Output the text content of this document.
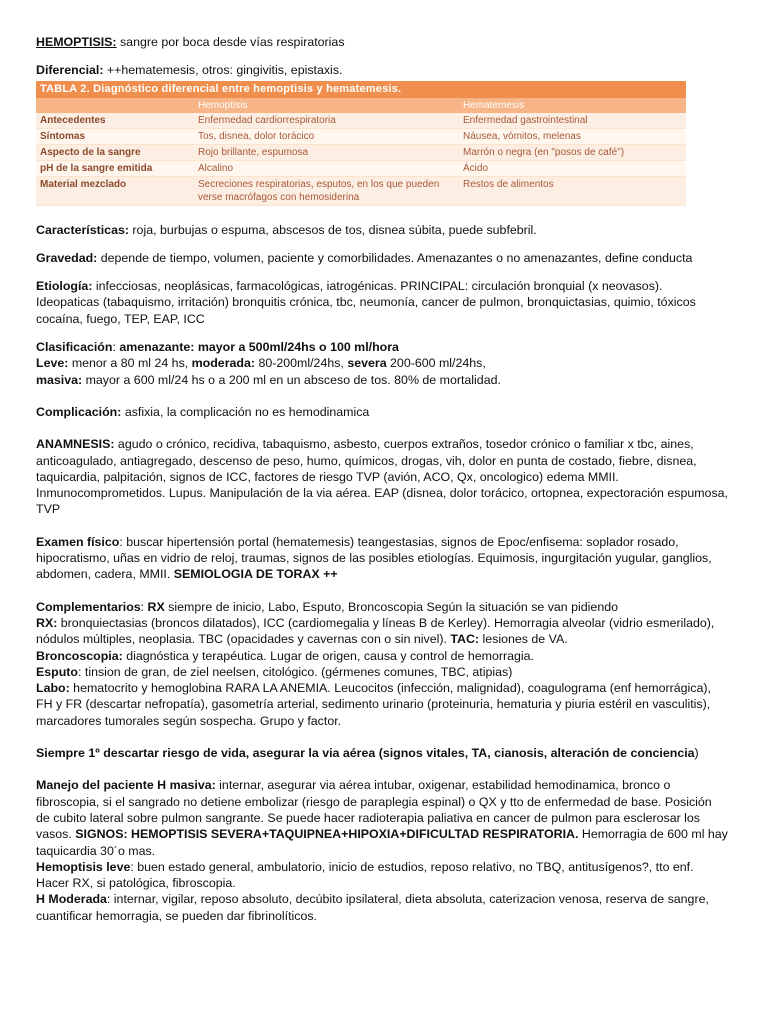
HEMOPTISIS: sangre por boca desde vías respiratorias

Diferencial: ++hematemesis, otros: gingivitis, epistaxis.

TABLA 2. Diagnóstico diferencial entre hemoptisis y hematemesis.
	Hemoptisis	Hematemesis
Antecedentes	Enfermedad cardiorrespiratoria	Enfermedad gastrointestinal
Síntomas	Tos, disnea, dolor torácico	Náusea, vómitos, melenas
Aspecto de la sangre	Rojo brillante, espumosa	Marrón o negra (en "posos de café")
pH de la sangre emitida	Alcalino	Ácido
Material mezclado	Secreciones respiratorias, esputos, en los que pueden verse macrófagos con hemosiderina	Restos de alimentos

Características: roja, burbujas o espuma, abscesos de tos, disnea súbita, puede subfebril.

Gravedad: depende de tiempo, volumen, paciente y comorbilidades. Amenazantes o no amenazantes, define conducta

Etiología: infecciosas, neoplásicas, farmacológicas, iatrogénicas. PRINCIPAL: circulación bronquial (x neovasos). Ideopaticas (tabaquismo, irritación) bronquitis crónica, tbc, neumonía, cancer de pulmon, bronquictasias, quimio, tóxicos cocaína, fuego, TEP, EAP, ICC

Clasificación: amenazante: mayor a 500ml/24hs o 100 ml/hora
Leve: menor a 80 ml 24 hs, moderada: 80-200ml/24hs, severa 200-600 ml/24hs,
masiva: mayor a 600 ml/24 hs o a 200 ml en un absceso de tos. 80% de mortalidad.

Complicación: asfixia, la complicación no es hemodinamica

ANAMNESIS: agudo o crónico, recidiva, tabaquismo, asbesto, cuerpos extraños, tosedor crónico o familiar x tbc, aines, anticoagulado, antiagregado, descenso de peso, humo, químicos, drogas, vih, dolor en punta de costado, fiebre, disnea, taquicardia, palpitación, signos de ICC, factores de riesgo TVP (avión, ACO, Qx, oncologico) edema MMII. Inmunocomprometidos. Lupus. Manipulación de la via aérea. EAP (disnea, dolor torácico, ortopnea, expectoración espumosa, TVP

Examen físico: buscar hipertensión portal (hematemesis) teangestasias, signos de Epoc/enfisema: soplador rosado, hipocratismo, uñas en vidrio de reloj, traumas, signos de las posibles etiologías. Equimosis, ingurgitación yugular, ganglios, abdomen, cadera, MMII. SEMIOLOGIA DE TORAX ++

Complementarios: RX siempre de inicio, Labo, Esputo, Broncoscopia Según la situación se van pidiendo
RX: bronquiectasias (broncos dilatados), ICC (cardiomegalia y líneas B de Kerley). Hemorragia alveolar (vidrio esmerilado), nódulos múltiples, neoplasia. TBC (opacidades y cavernas con o sin nivel). TAC: lesiones de VA.
Broncoscopia: diagnóstica y terapéutica. Lugar de origen, causa y control de hemorragia.
Esputo: tinsion de gran, de ziel neelsen, citológico. (gérmenes comunes, TBC, atipias)
Labo: hematocrito y hemoglobina RARA LA ANEMIA. Leucocitos (infección, malignidad), coagulograma (enf hemorrágica), FH y FR (descartar nefropatía), gasometría arterial, sedimento urinario (proteinuria, hematuria y piuria estéril en vasculitis), marcadores tumorales según sospecha. Grupo y factor.

Siempre 1º descartar riesgo de vida, asegurar la via aérea (signos vitales, TA, cianosis, alteración de conciencia)

Manejo del paciente H masiva: internar, asegurar via aérea intubar, oxigenar, estabilidad hemodinamica, bronco o fibroscopia, si el sangrado no detiene embolizar (riesgo de paraplegia espinal) o QX y tto de enfermedad de base. Posición de cubito lateral sobre pulmon sangrante. Se puede hacer radioterapia paliativa en cancer de pulmon para esclerosar los vasos. SIGNOS: HEMOPTISIS SEVERA+TAQUIPNEA+HIPOXIA+DIFICULTAD RESPIRATORIA. Hemorragia de 600 ml hay taquicardia 30´o mas.
Hemoptisis leve: buen estado general, ambulatorio, inicio de estudios, reposo relativo, no TBQ, antitusígenos?, tto enf. Hacer RX, si patológica, fibroscopia.
H Moderada: internar, vigilar, reposo absoluto, decúbito ipsilateral, dieta absoluta, caterizacion venosa, reserva de sangre, cuantificar hemorragia, se pueden dar fibrinolíticos.
